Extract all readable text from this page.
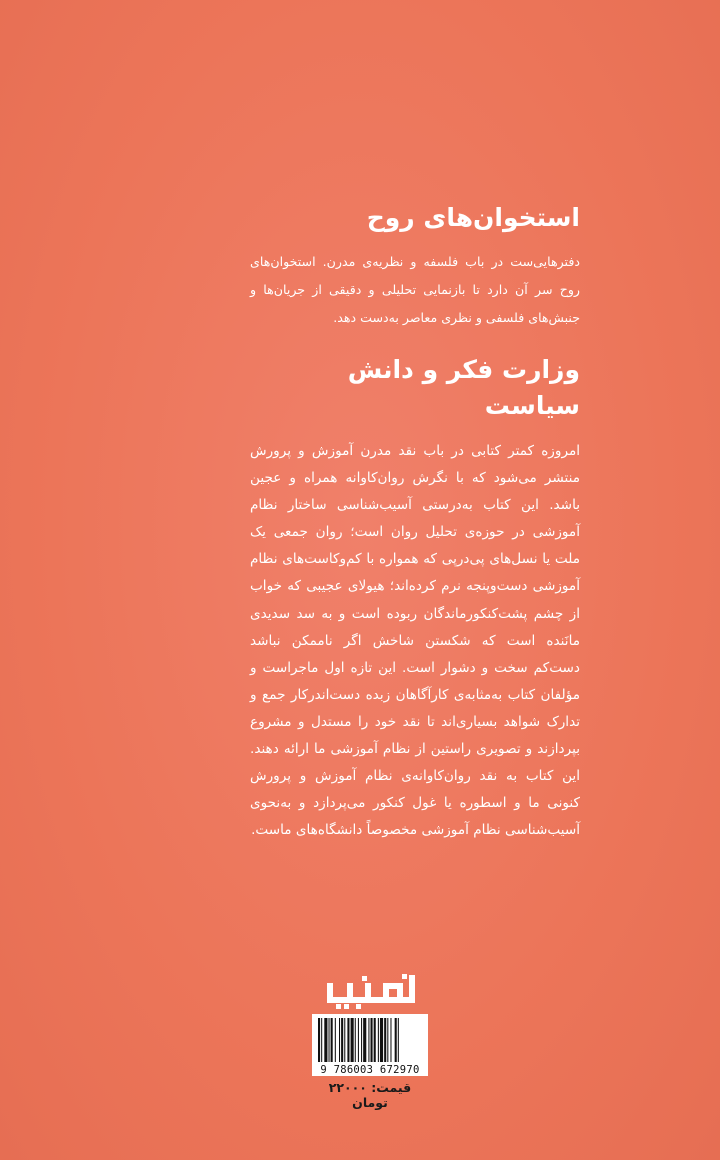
استخوان‌های روح

دفترهایی‌ست در باب فلسفه و نظریه‌ی مدرن. استخوان‌های روح سر آن دارد تا بازنمایی تحلیلی و دقیقی از جریان‌ها و جنبش‌های فلسفی و نظری معاصر به‌دست دهد.

وزارت فکر و دانش سیاست

امروزه کمتر کتابی در باب نقد مدرن آموزش و پرورش منتشر می‌شود که با نگرش روان‌کاوانه همراه و عجین باشد. این کتاب به‌درستی آسیب‌شناسی ساختار نظام آموزشی در حوزه‌ی تحلیل روان است؛ روان جمعی یک ملت یا نسل‌های پی‌درپی که همواره با کم‌وکاست‌های نظام آموزشی دست‌وپنجه نرم کرده‌اند؛ هیولای عجیبی که خواب از چشم پشت‌کنکورماندگان ربوده است و به سد سدیدی مانَنده است که شکستن شاخش اگر ناممکن نباشد دست‌کم سخت و دشوار است. این تازه اول ماجراست و مؤلفان کتاب به‌مثابه‌ی کارآگاهان زبده دست‌اندرکار جمع و تدارک شواهد بسیاری‌اند تا نقد خود را مستدل و مشروع بپردازند و تصویری راستین از نظام آموزشی ما ارائه دهند. این کتاب به نقد روان‌کاوانه‌ی نظام آموزش و پرورش کنونی ما و اسطوره یا غول کنکور می‌پردازد و به‌نحوی آسیب‌شناسی نظام آموزشی مخصوصاً دانشگاه‌های ماست.

9 786003 672970
قیمت: ۲۲۰۰۰ تومان
